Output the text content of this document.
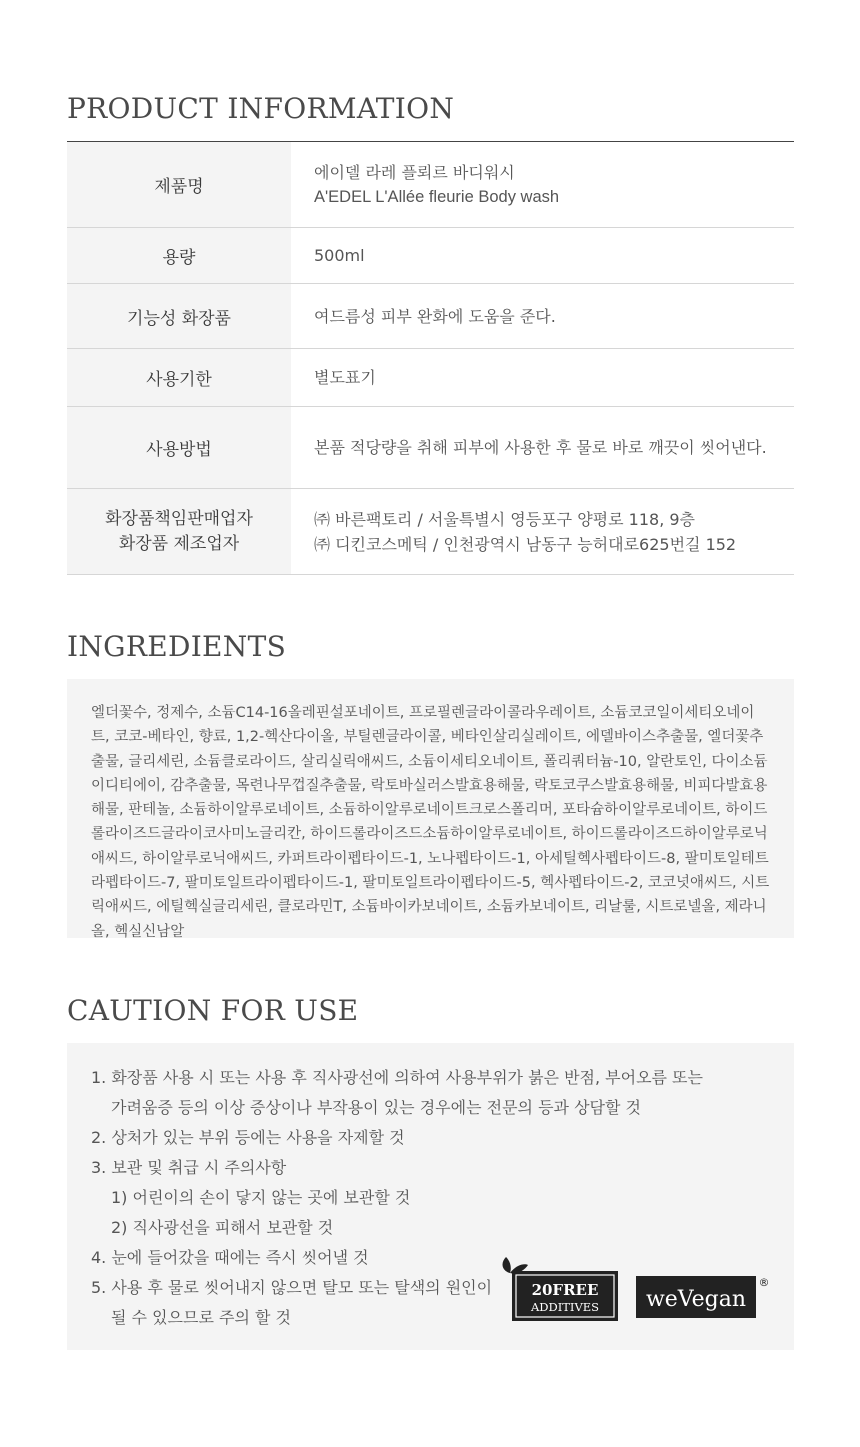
PRODUCT INFORMATION
제품명	에이델 라레 플뢰르 바디워시
A'EDEL L'Allée fleurie Body wash

용량	500ml

기능성 화장품	여드름성 피부 완화에 도움을 준다.

사용기한	별도표기

사용방법	본품 적당량을 취해 피부에 사용한 후 물로 바로 깨끗이 씻어낸다.

화장품책임판매업자
화장품 제조업자	㈜ 바른팩토리 / 서울특별시 영등포구 양평로 118, 9층
㈜ 디킨코스메틱 / 인천광역시 남동구 능허대로625번길 152
INGREDIENTS

엘더꽃수, 정제수, 소듐C14-16올레핀설포네이트, 프로필렌글라이콜라우레이트, 소듐코코일이세티오네이트, 코코-베타인, 향료, 1,2-헥산다이올, 부틸렌글라이콜, 베타인살리실레이트, 에델바이스추출물, 엘더꽃추출물, 글리세린, 소듐클로라이드, 살리실릭애씨드, 소듐이세티오네이트, 폴리쿼터늄-10, 알란토인, 다이소듐이디티에이, 감추출물, 목련나무껍질추출물, 락토바실러스발효용해물, 락토코쿠스발효용해물, 비피다발효용해물, 판테놀, 소듐하이알루로네이트, 소듐하이알루로네이트크로스폴리머, 포타슘하이알루로네이트, 하이드롤라이즈드글라이코사미노글리칸, 하이드롤라이즈드소듐하이알루로네이트, 하이드롤라이즈드하이알루로닉애씨드, 하이알루로닉애씨드, 카퍼트라이펩타이드-1, 노나펩타이드-1, 아세틸헥사펩타이드-8, 팔미토일테트라펩타이드-7, 팔미토일트라이펩타이드-1, 팔미토일트라이펩타이드-5, 헥사펩타이드-2, 코코넛애씨드, 시트릭애씨드, 에틸헥실글리세린, 클로라민T, 소듐바이카보네이트, 소듐카보네이트, 리날룰, 시트로넬올, 제라니올, 헥실신남알

CAUTION FOR USE
1. 화장품 사용 시 또는 사용 후 직사광선에 의하여 사용부위가 붉은 반점, 부어오름 또는
가려움증 등의 이상 증상이나 부작용이 있는 경우에는 전문의 등과 상담할 것
2. 상처가 있는 부위 등에는 사용을 자제할 것
3. 보관 및 취급 시 주의사항
1) 어린이의 손이 닿지 않는 곳에 보관할 것
2) 직사광선을 피해서 보관할 것
4. 눈에 들어갔을 때에는 즉시 씻어낼 것
5. 사용 후 물로 씻어내지 않으면 탈모 또는 탈색의 원인이
될 수 있으므로 주의 할 것
20FREE
ADDITIVES weVegan
®
